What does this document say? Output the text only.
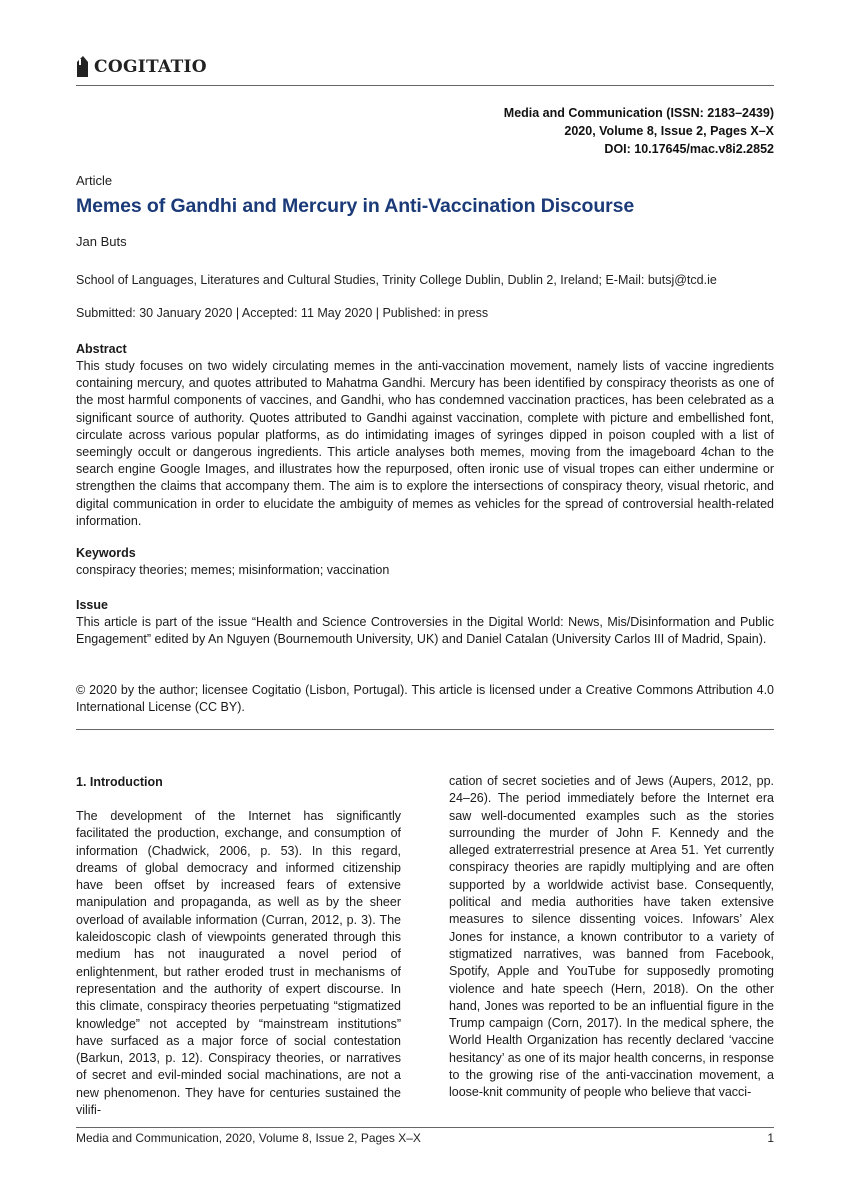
COGITATIO
Media and Communication (ISSN: 2183–2439)
2020, Volume 8, Issue 2, Pages X–X
DOI: 10.17645/mac.v8i2.2852
Article
Memes of Gandhi and Mercury in Anti-Vaccination Discourse
Jan Buts
School of Languages, Literatures and Cultural Studies, Trinity College Dublin, Dublin 2, Ireland; E-Mail: butsj@tcd.ie
Submitted: 30 January 2020 | Accepted: 11 May 2020 | Published: in press
Abstract

This study focuses on two widely circulating memes in the anti-vaccination movement, namely lists of vaccine ingredients containing mercury, and quotes attributed to Mahatma Gandhi. Mercury has been identified by conspiracy theorists as one of the most harmful components of vaccines, and Gandhi, who has condemned vaccination practices, has been celebrated as a significant source of authority. Quotes attributed to Gandhi against vaccination, complete with picture and embellished font, circulate across various popular platforms, as do intimidating images of syringes dipped in poison coupled with a list of seemingly occult or dangerous ingredients. This article analyses both memes, moving from the imageboard 4chan to the search engine Google Images, and illustrates how the repurposed, often ironic use of visual tropes can either undermine or strengthen the claims that accompany them. The aim is to explore the intersections of conspiracy theory, visual rhetoric, and digital communication in order to elucidate the ambiguity of memes as vehicles for the spread of controversial health-related information.

Keywords

conspiracy theories; memes; misinformation; vaccination

Issue

This article is part of the issue “Health and Science Controversies in the Digital World: News, Mis/Disinformation and Public Engagement” edited by An Nguyen (Bournemouth University, UK) and Daniel Catalan (University Carlos III of Madrid, Spain).

© 2020 by the author; licensee Cogitatio (Lisbon, Portugal). This article is licensed under a Creative Commons Attribution 4.0 International License (CC BY).

1. Introduction

The development of the Internet has significantly facilitated the production, exchange, and consumption of information (Chadwick, 2006, p. 53). In this regard, dreams of global democracy and informed citizenship have been offset by increased fears of extensive manipulation and propaganda, as well as by the sheer overload of available information (Curran, 2012, p. 3). The kaleidoscopic clash of viewpoints generated through this medium has not inaugurated a novel period of enlightenment, but rather eroded trust in mechanisms of representation and the authority of expert discourse. In this climate, conspiracy theories perpetuating “stigmatized knowledge” not accepted by “mainstream institutions” have surfaced as a major force of social contestation (Barkun, 2013, p. 12). Conspiracy theories, or narratives of secret and evil-minded social machinations, are not a new phenomenon. They have for centuries sustained the vilifi-

cation of secret societies and of Jews (Aupers, 2012, pp. 24–26). The period immediately before the Internet era saw well-documented examples such as the stories surrounding the murder of John F. Kennedy and the alleged extraterrestrial presence at Area 51. Yet currently conspiracy theories are rapidly multiplying and are often supported by a worldwide activist base. Consequently, political and media authorities have taken extensive measures to silence dissenting voices. Infowars’ Alex Jones for instance, a known contributor to a variety of stigmatized narratives, was banned from Facebook, Spotify, Apple and YouTube for supposedly promoting violence and hate speech (Hern, 2018). On the other hand, Jones was reported to be an influential figure in the Trump campaign (Corn, 2017). In the medical sphere, the World Health Organization has recently declared ‘vaccine hesitancy’ as one of its major health concerns, in response to the growing rise of the anti-vaccination movement, a loose-knit community of people who believe that vacci-

Media and Communication, 2020, Volume 8, Issue 2, Pages X–X	1
